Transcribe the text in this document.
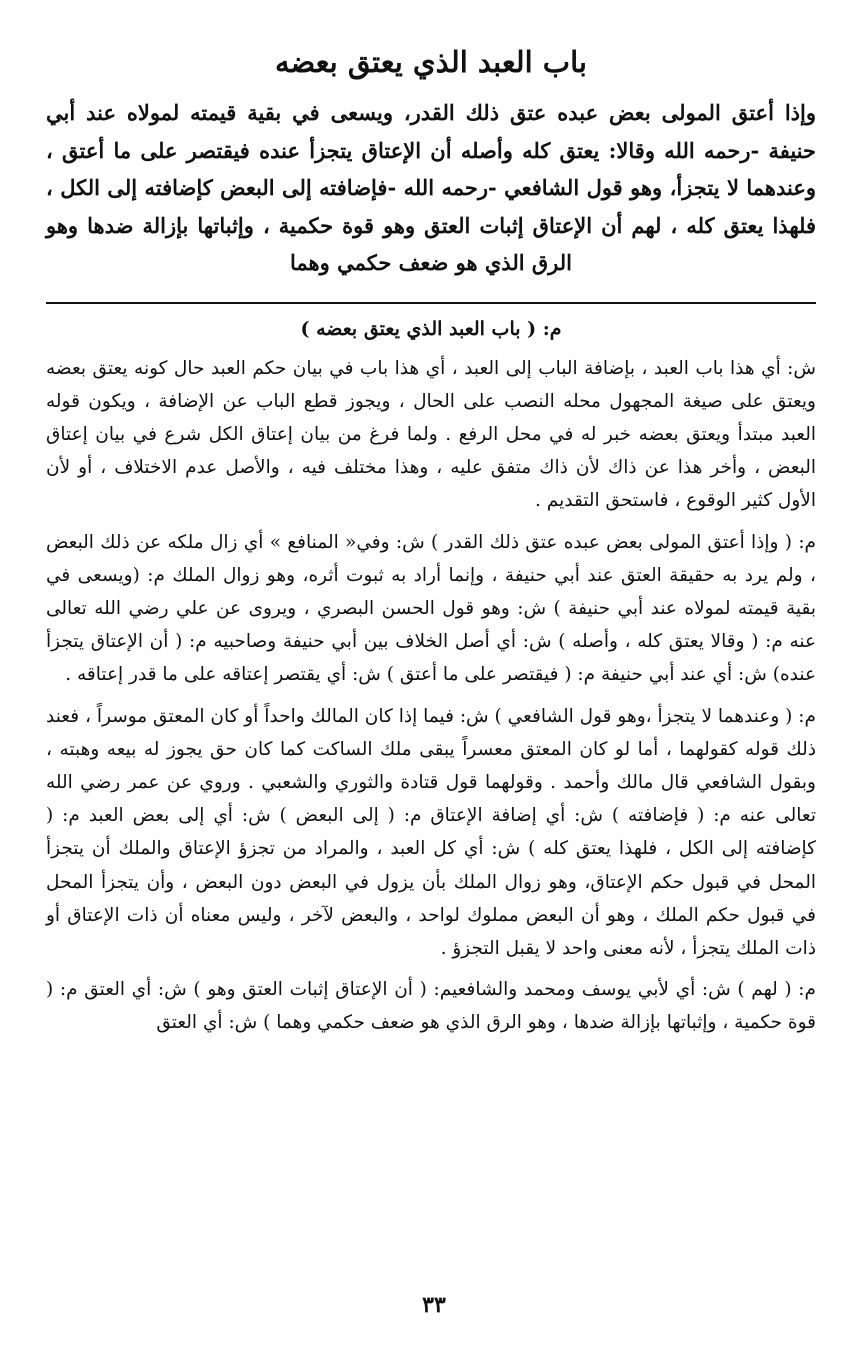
باب العبد الذي يعتق بعضه

وإذا أعتق المولى بعض عبده عتق ذلك القدر، ويسعى في بقية قيمته لمولاه عند أبي حنيفة -رحمه الله وقالا: يعتق كله وأصله أن الإعتاق يتجزأ عنده فيقتصر على ما أعتق ، وعندهما لا يتجزأ، وهو قول الشافعي -رحمه الله -فإضافته إلى البعض كإضافته إلى الكل ، فلهذا يعتق كله ، لهم أن الإعتاق إثبات العتق وهو قوة حكمية ، وإثباتها بإزالة ضدها وهو الرق الذي هو ضعف حكمي وهما

م: ( باب العبد الذي يعتق بعضه )

ش: أي هذا باب العبد ، بإضافة الباب إلى العبد ، أي هذا باب في بيان حكم العبد حال كونه يعتق بعضه ويعتق على صيغة المجهول محله النصب على الحال ، ويجوز قطع الباب عن الإضافة ، ويكون قوله العبد مبتدأ ويعتق بعضه خبر له في محل الرفع . ولما فرغ من بيان إعتاق الكل شرع في بيان إعتاق البعض ، وأخر هذا عن ذاك لأن ذاك متفق عليه ، وهذا مختلف فيه ، والأصل عدم الاختلاف ، أو لأن الأول كثير الوقوع ، فاستحق التقديم .

م: ( وإذا أعتق المولى بعض عبده عتق ذلك القدر ) ش: وفي« المنافع » أي زال ملكه عن ذلك البعض ، ولم يرد به حقيقة العتق عند أبي حنيفة ، وإنما أراد به ثبوت أثره، وهو زوال الملك م: (ويسعى في بقية قيمته لمولاه عند أبي حنيفة ) ش: وهو قول الحسن البصري ، ويروى عن علي رضي الله تعالى عنه م: ( وقالا يعتق كله ، وأصله ) ش: أي أصل الخلاف بين أبي حنيفة وصاحبيه م: ( أن الإعتاق يتجزأ عنده) ش: أي عند أبي حنيفة م: ( فيقتصر على ما أعتق ) ش: أي يقتصر إعتاقه على ما قدر إعتاقه .

م: ( وعندهما لا يتجزأ ،وهو قول الشافعي ) ش: فيما إذا كان المالك واحداً أو كان المعتق موسراً ، فعند ذلك قوله كقولهما ، أما لو كان المعتق معسراً يبقى ملك الساكت كما كان حق يجوز له بيعه وهبته ، وبقول الشافعي قال مالك وأحمد . وقولهما قول قتادة والثوري والشعبي . وروي عن عمر رضي الله تعالى عنه م: ( فإضافته ) ش: أي إضافة الإعتاق م: ( إلى البعض ) ش: أي إلى بعض العبد م: ( كإضافته إلى الكل ، فلهذا يعتق كله ) ش: أي كل العبد ، والمراد من تجزؤ الإعتاق والملك أن يتجزأ المحل في قبول حكم الإعتاق، وهو زوال الملك بأن يزول في البعض دون البعض ، وأن يتجزأ المحل في قبول حكم الملك ، وهو أن البعض مملوك لواحد ، والبعض لآخر ، وليس معناه أن ذات الإعتاق أو ذات الملك يتجزأ ، لأنه معنى واحد لا يقبل التجزؤ .

م: ( لهم ) ش: أي لأبي يوسف ومحمد والشافعيم: ( أن الإعتاق إثبات العتق وهو ) ش: أي العتق م: ( قوة حكمية ، وإثباتها بإزالة ضدها ، وهو الرق الذي هو ضعف حكمي وهما ) ش: أي العتق

٣٣
